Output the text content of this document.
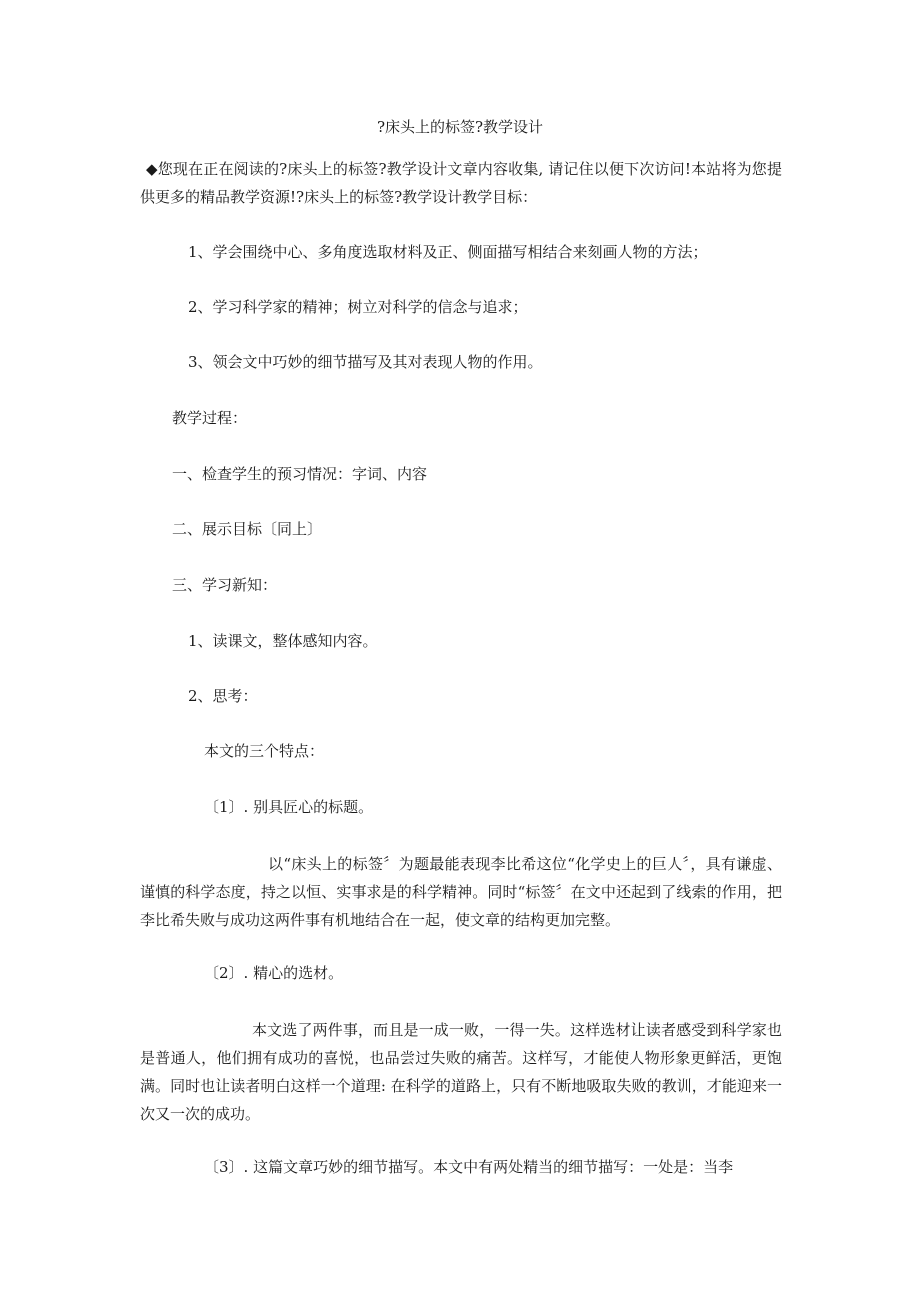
?床头上的标签?教学设计
◆您现在正在阅读的?床头上的标签?教学设计文章内容收集, 请记住以便下次访问!本站将为您提供更多的精品教学资源!?床头上的标签?教学设计教学目标：
1、学会围绕中心、多角度选取材料及正、侧面描写相结合来刻画人物的方法；
2、学习科学家的精神；树立对科学的信念与追求；
3、领会文中巧妙的细节描写及其对表现人物的作用。
教学过程：
一、检查学生的预习情况：字词、内容
二、展示目标〔同上〕
三、学习新知：
1、读课文，整体感知内容。
2、思考：
本文的三个特点：
〔1〕. 别具匠心的标题。
以“床头上的标签〞为题最能表现李比希这位“化学史上的巨人〞，具有谦虚、谨慎的科学态度，持之以恒、实事求是的科学精神。同时“标签〞在文中还起到了线索的作用，把李比希失败与成功这两件事有机地结合在一起，使文章的结构更加完整。
〔2〕. 精心的选材。
本文选了两件事，而且是一成一败，一得一失。这样选材让读者感受到科学家也是普通人，他们拥有成功的喜悦，也品尝过失败的痛苦。这样写，才能使人物形象更鲜活，更饱满。同时也让读者明白这样一个道理: 在科学的道路上，只有不断地吸取失败的教训，才能迎来一次又一次的成功。
〔3〕. 这篇文章巧妙的细节描写。本文中有两处精当的细节描写：一处是：当李
